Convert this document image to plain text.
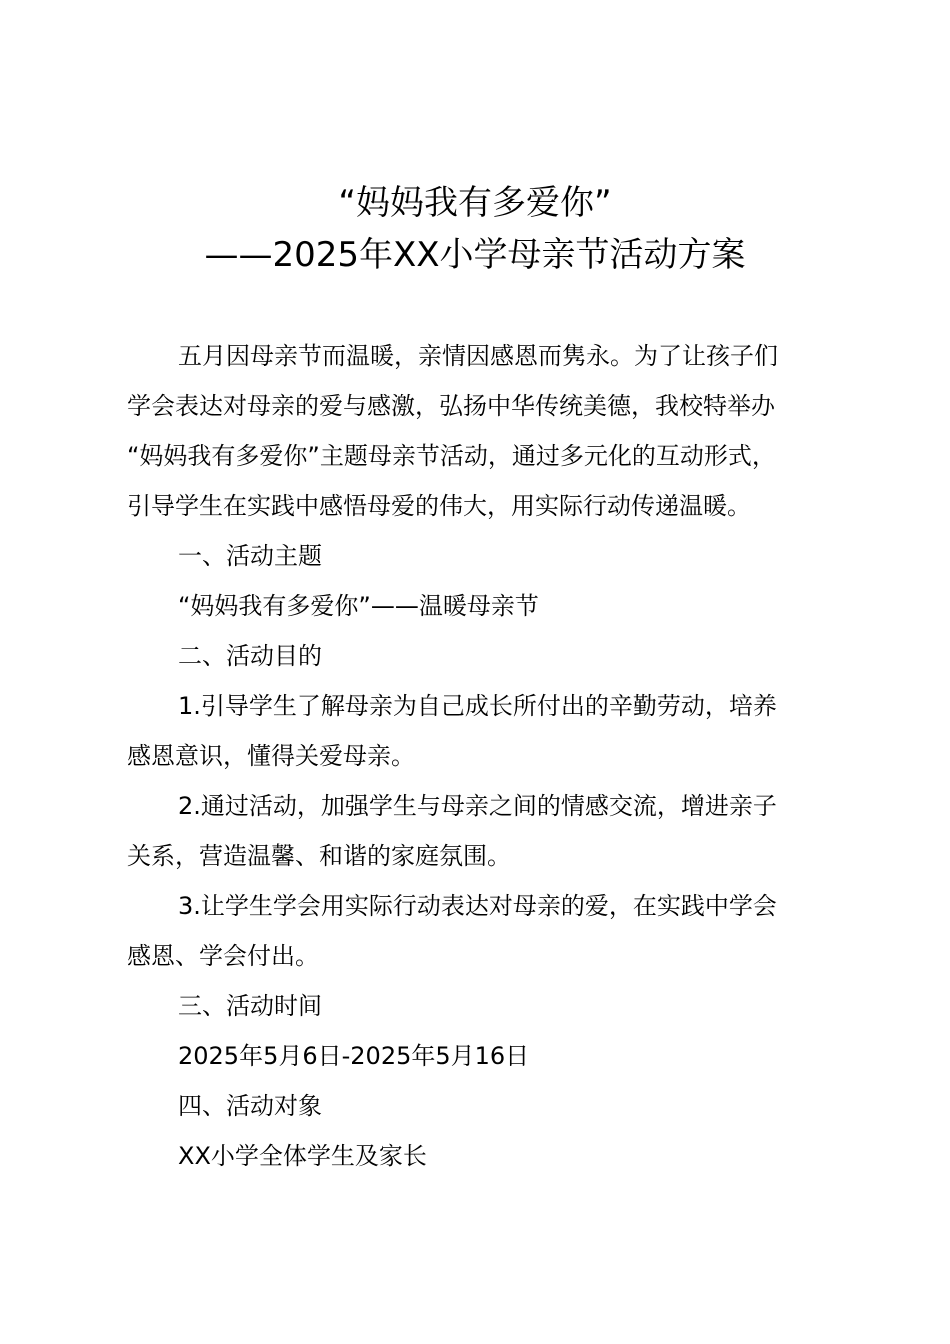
“妈妈我有多爱你”
——2025年XX小学母亲节活动方案

五月因母亲节而温暖，亲情因感恩而隽永。为了让孩子们

学会表达对母亲的爱与感激，弘扬中华传统美德，我校特举办

“妈妈我有多爱你”主题母亲节活动，通过多元化的互动形式，

引导学生在实践中感悟母爱的伟大，用实际行动传递温暖。

一、活动主题

“妈妈我有多爱你”——温暖母亲节

二、活动目的

1.引导学生了解母亲为自己成长所付出的辛勤劳动，培养

感恩意识，懂得关爱母亲。

2.通过活动，加强学生与母亲之间的情感交流，增进亲子

关系，营造温馨、和谐的家庭氛围。

3.让学生学会用实际行动表达对母亲的爱，在实践中学会

感恩、学会付出。

三、活动时间

2025年5月6日-2025年5月16日

四、活动对象

XX小学全体学生及家长
